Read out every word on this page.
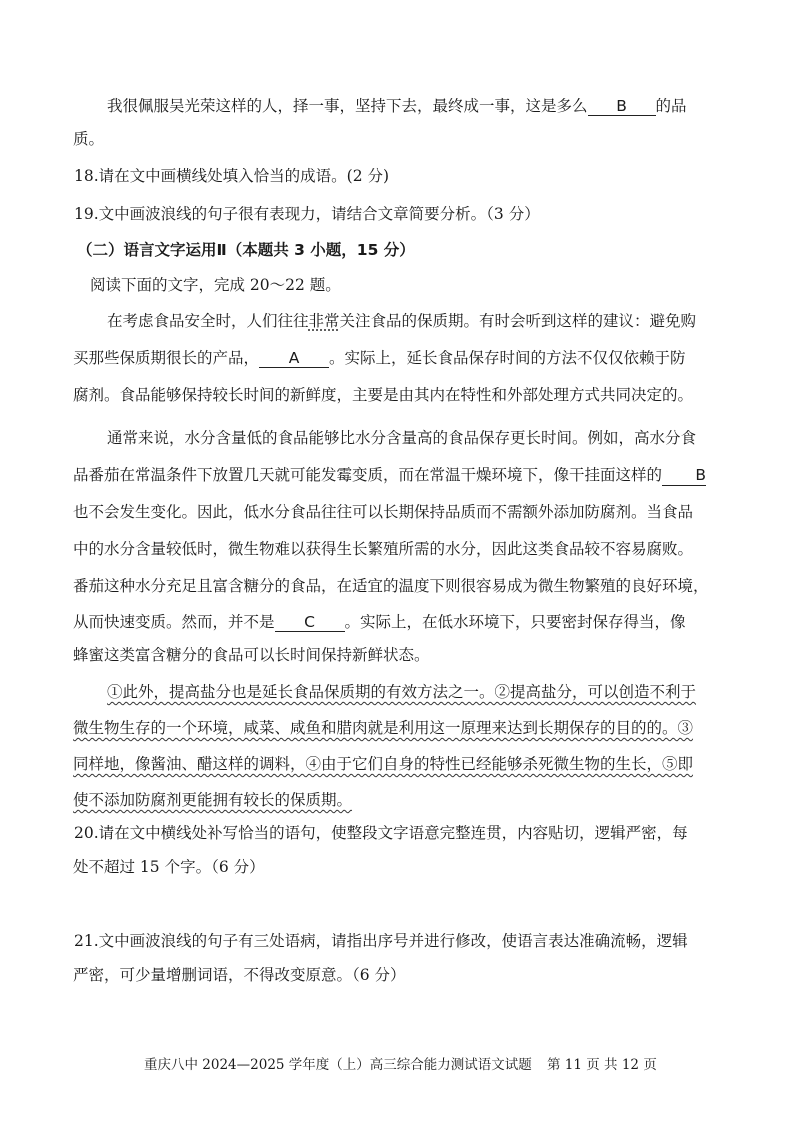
我很佩服吴光荣这样的人，择一事，坚持下去，最终成一事，这是多么 B 的品
质。
18.请在文中画横线处填入恰当的成语。(2 分)
19.文中画波浪线的句子很有表现力，请结合文章简要分析。（3 分）
（二）语言文字运用Ⅱ（本题共 3 小题，15 分）
阅读下面的文字，完成 20～22 题。
在考虑食品安全时，人们往往非常关注食品的保质期。有时会听到这样的建议：避免购
买那些保质期很长的产品， A 。实际上，延长食品保存时间的方法不仅仅依赖于防
腐剂。食品能够保持较长时间的新鲜度，主要是由其内在特性和外部处理方式共同决定的。
通常来说，水分含量低的食品能够比水分含量高的食品保存更长时间。例如，高水分食
品番茄在常温条件下放置几天就可能发霉变质，而在常温干燥环境下，像干挂面这样的 B
也不会发生变化。因此，低水分食品往往可以长期保持品质而不需额外添加防腐剂。当食品
中的水分含量较低时，微生物难以获得生长繁殖所需的水分，因此这类食品较不容易腐败。
番茄这种水分充足且富含糖分的食品，在适宜的温度下则很容易成为微生物繁殖的良好环境，
从而快速变质。然而，并不是 C 。实际上，在低水环境下，只要密封保存得当，像
蜂蜜这类富含糖分的食品可以长时间保持新鲜状态。
①此外，提高盐分也是延长食品保质期的有效方法之一。②提高盐分，可以创造不利于
微生物生存的一个环境，咸菜、咸鱼和腊肉就是利用这一原理来达到长期保存的目的的。③
同样地，像酱油、醋这样的调料，④由于它们自身的特性已经能够杀死微生物的生长，⑤即
使不添加防腐剂更能拥有较长的保质期。
20.请在文中横线处补写恰当的语句，使整段文字语意完整连贯，内容贴切，逻辑严密，每
处不超过 15 个字。（6 分）
21.文中画波浪线的句子有三处语病，请指出序号并进行修改，使语言表达准确流畅，逻辑
严密，可少量增删词语，不得改变原意。（6 分）
重庆八中 2024—2025 学年度（上）高三综合能力测试语文试题 第 11 页 共 12 页
